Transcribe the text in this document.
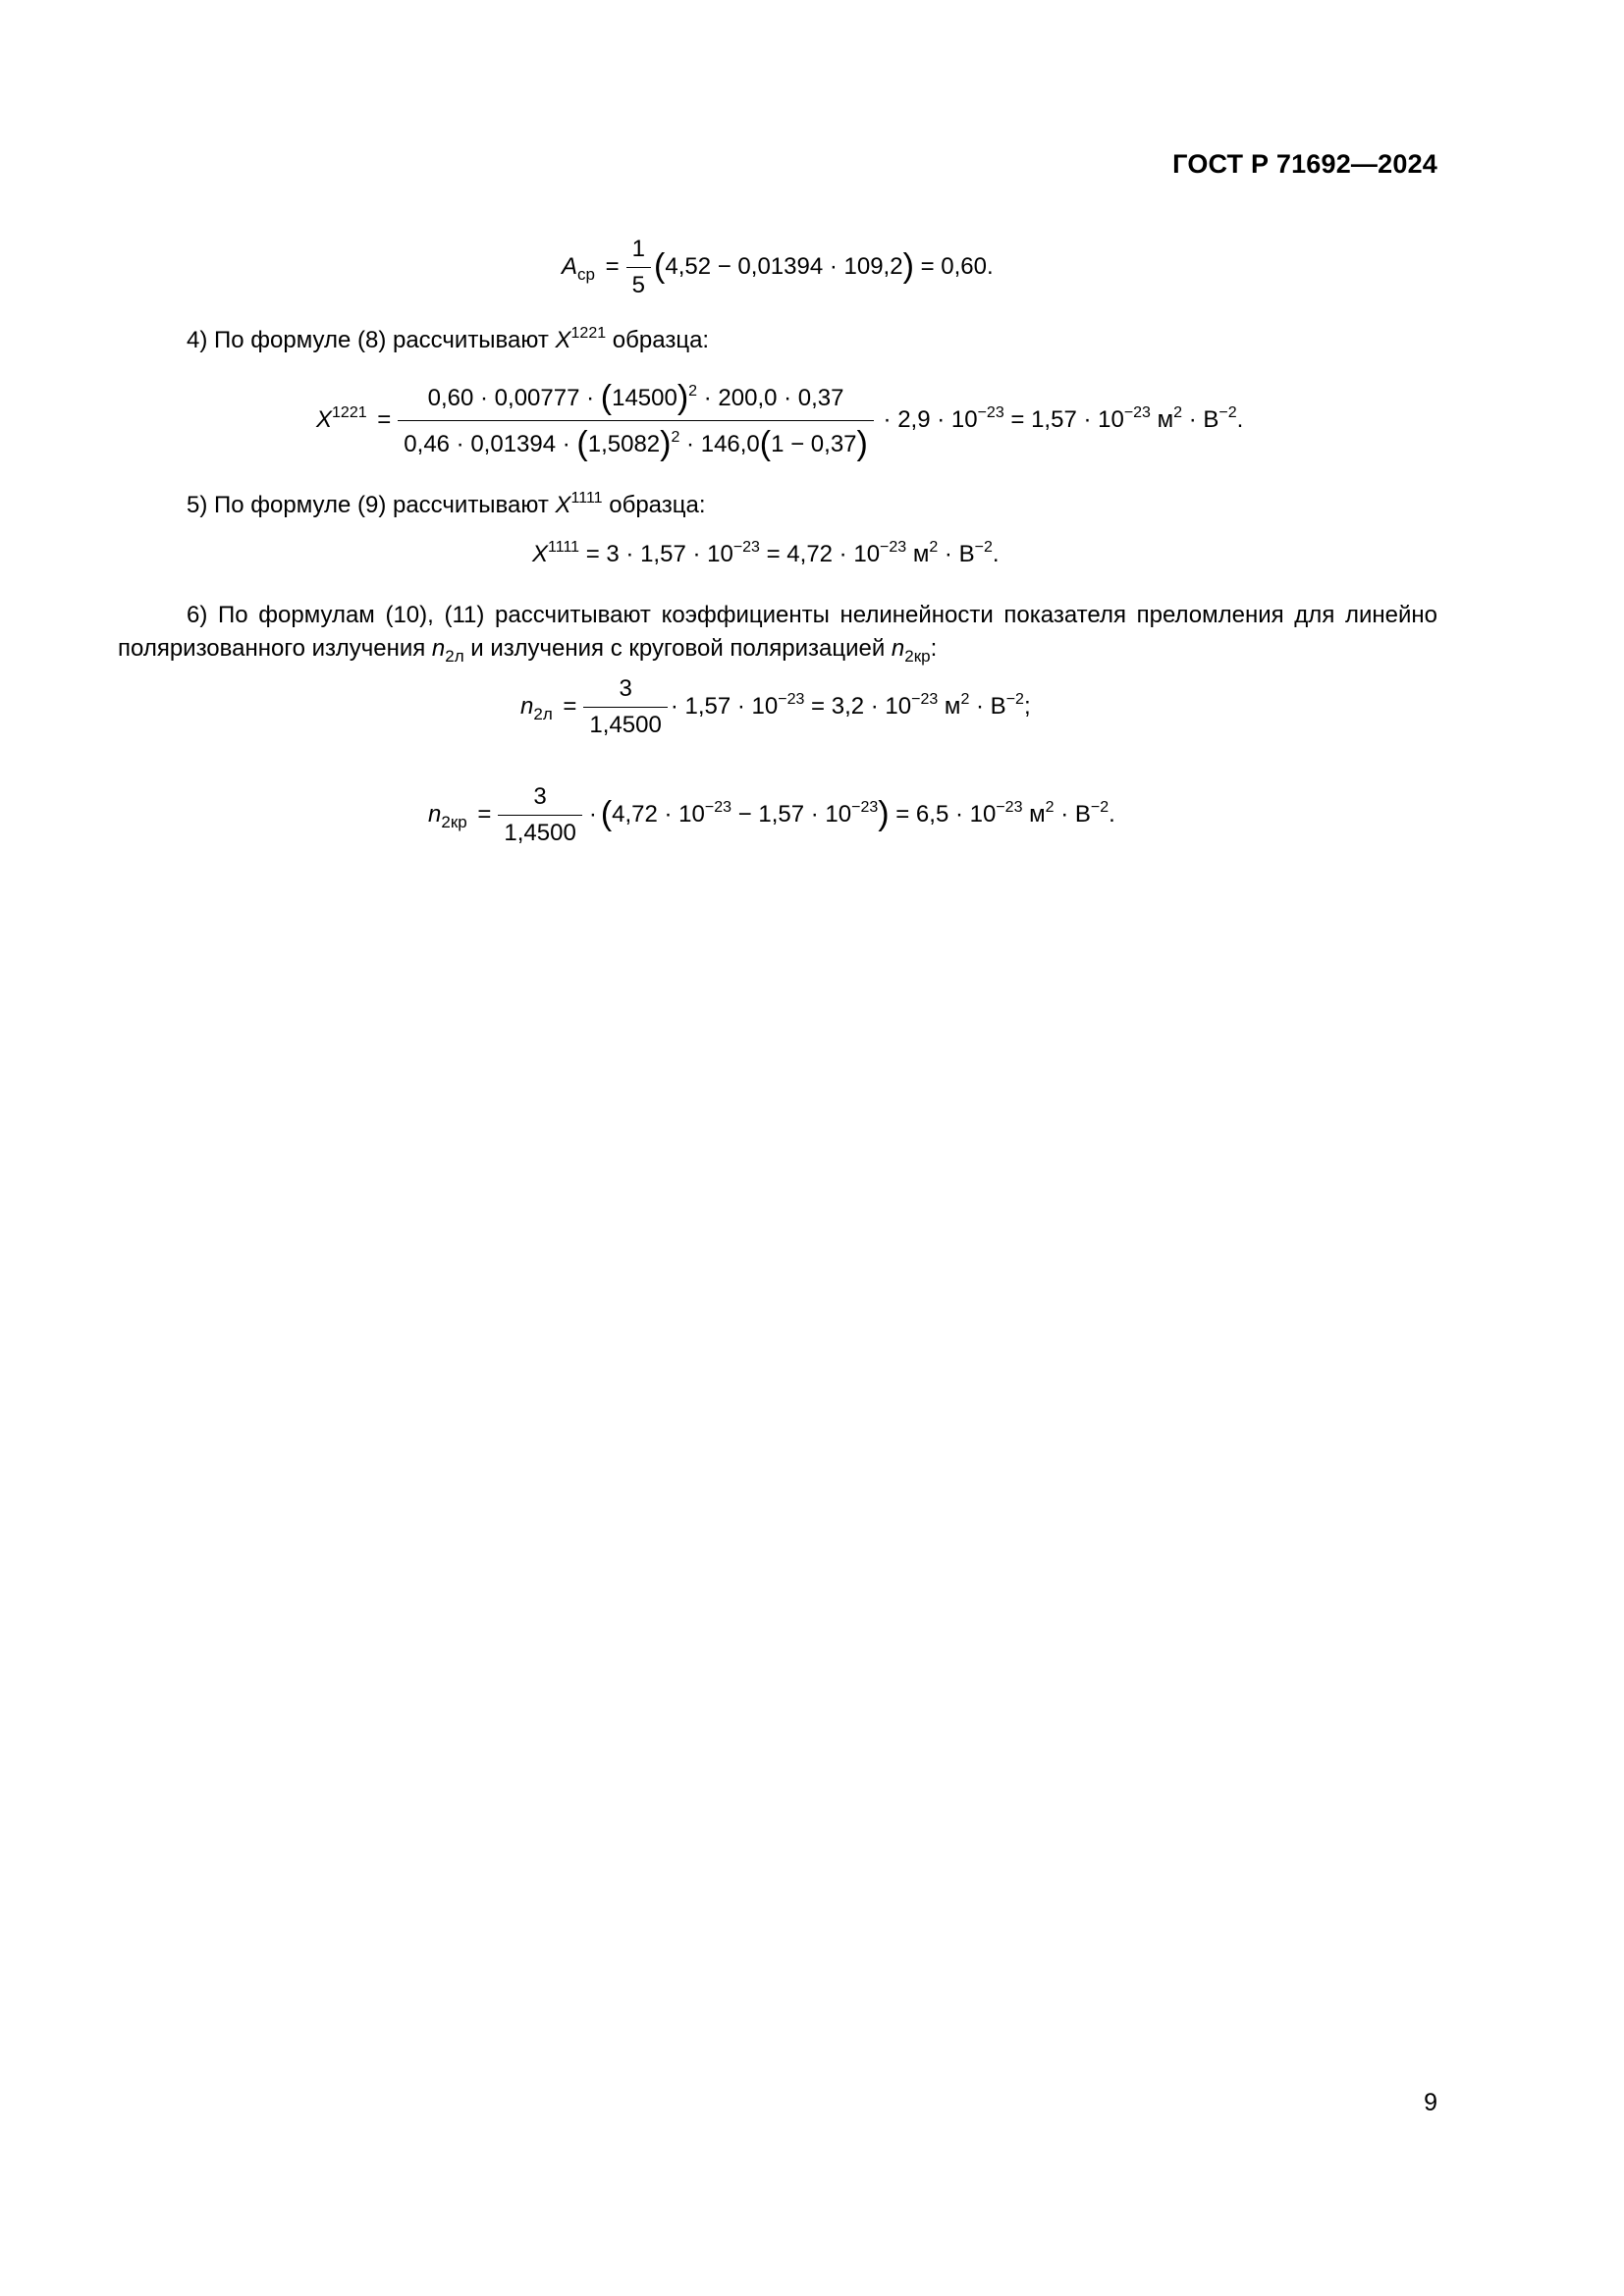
ГОСТ Р 71692—2024
$A_{ср} = \frac{1}{5} (4,52 - 0,01394 \cdot 109,2) = 0,60$.
4) По формуле (8) рассчитывают $X^{1221}$ образца:
$X^{1221} = \frac{0,60 \cdot 0,00777 \cdot (14500)^2 \cdot 200,0 \cdot 0,37}{0,46 \cdot 0,01394 \cdot (1,5082)^2 \cdot 146,0(1 - 0,37)} \cdot 2,9 \cdot 10^{-23} = 1,57 \cdot 10^{-23}$ $м^2 \cdot В^{-2}$.
5) По формуле (9) рассчитывают $X^{1111}$ образца:
$X^{1111} = 3 \cdot 1,57 \cdot 10^{-23} = 4,72 \cdot 10^{-23}$ $м^2 \cdot В^{-2}$.
6) По формулам (10), (11) рассчитывают коэффициенты нелинейности показателя преломления для линейно поляризованного излучения $n_{2л}$ и излучения с круговой поляризацией $n_{2кр}$:
$n_{2л} = \frac{3}{1,4500} \cdot 1,57 \cdot 10^{-23} = 3,2 \cdot 10^{-23}$ $м^2 \cdot В^{-2}$;
$n_{2кр} = \frac{3}{1,4500} \cdot (4,72 \cdot 10^{-23} - 1,57 \cdot 10^{-23}) = 6,5 \cdot 10^{-23}$ $м^2 \cdot В^{-2}$.
9
